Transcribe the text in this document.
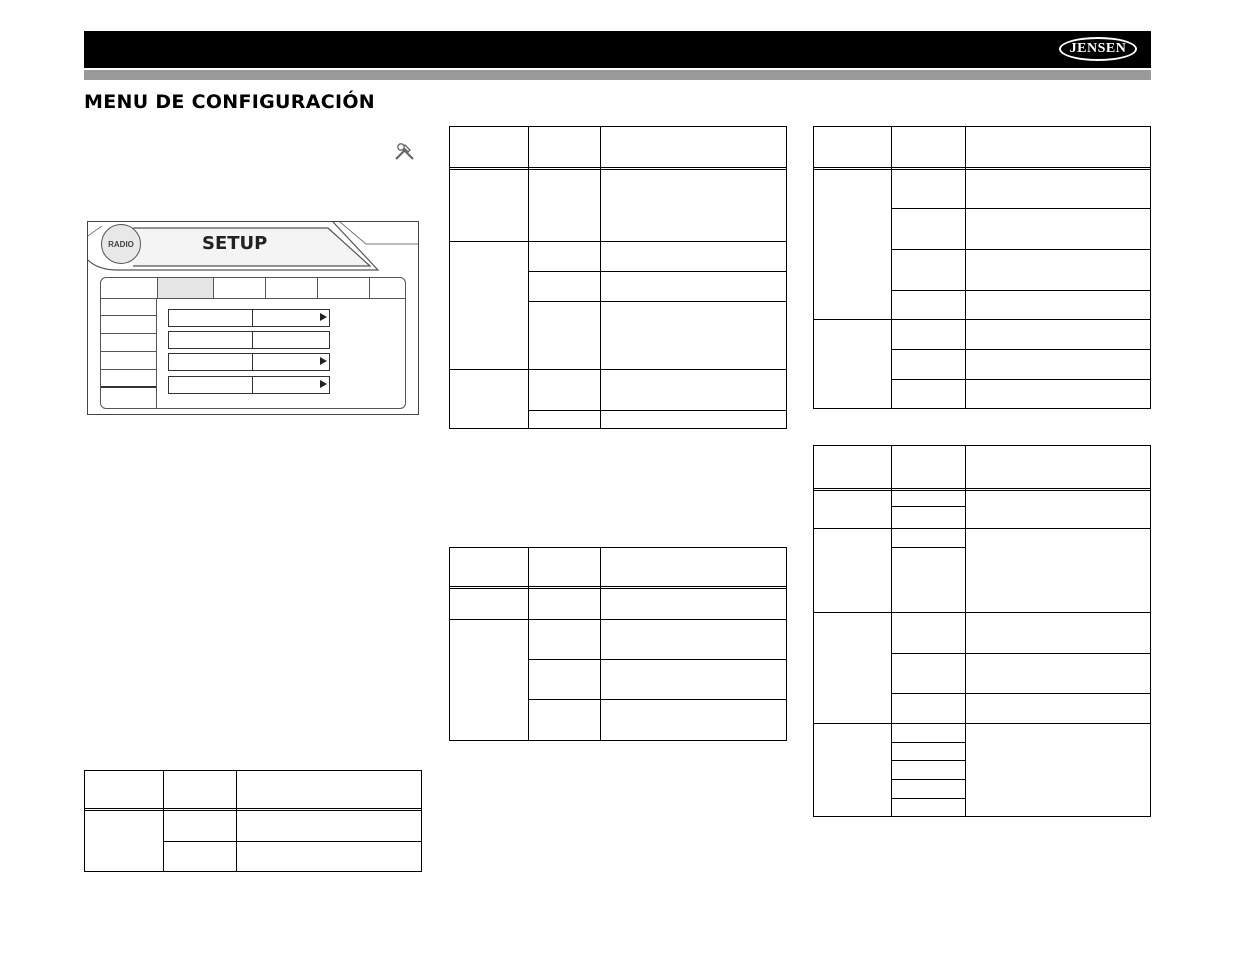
JENSEN
MENU DE CONFIGURACIÓN
RADIO	SETUP
